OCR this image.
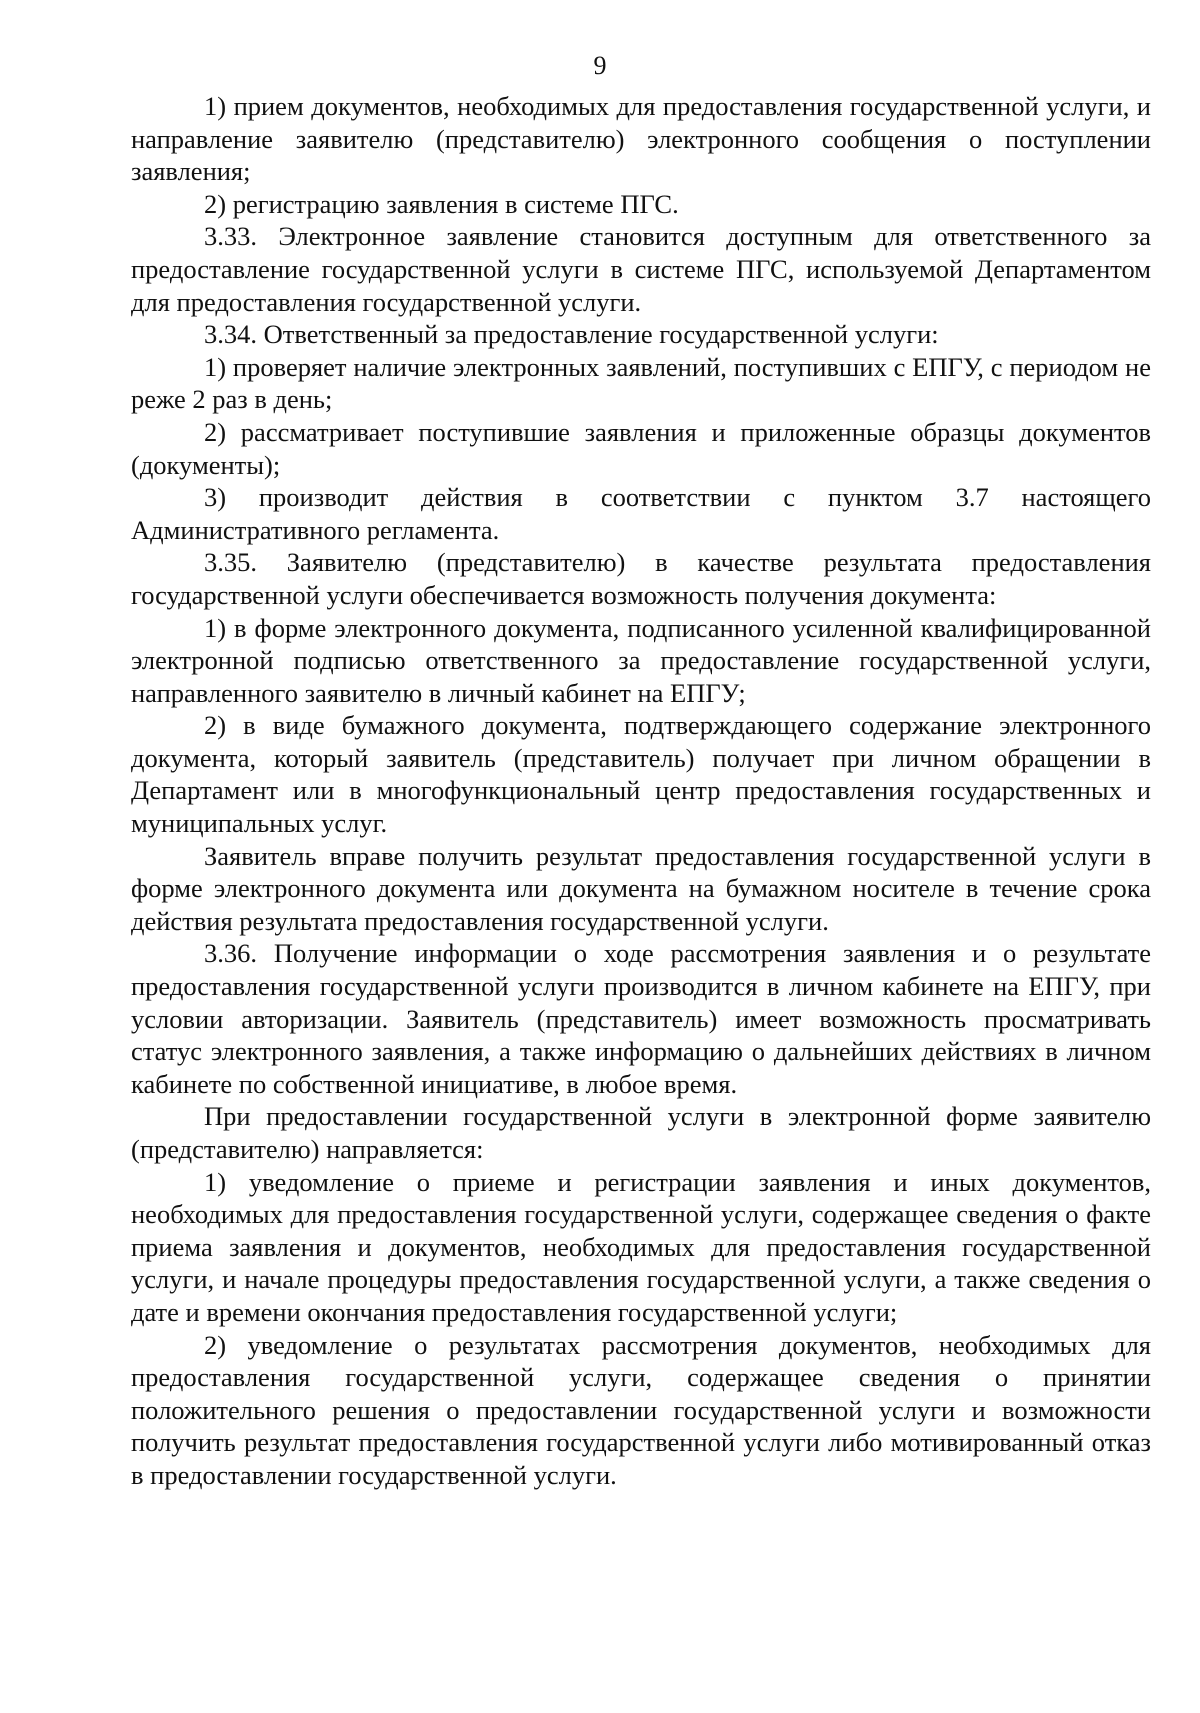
9

1) прием документов, необходимых для предоставления государственной услуги, и направление заявителю (представителю) электронного сообщения о поступлении заявления;

2) регистрацию заявления в системе ПГС.

3.33. Электронное заявление становится доступным для ответственного за предоставление государственной услуги в системе ПГС, используемой Департаментом для предоставления государственной услуги.

3.34. Ответственный за предоставление государственной услуги:

1) проверяет наличие электронных заявлений, поступивших с ЕПГУ, с периодом не реже 2 раз в день;

2) рассматривает поступившие заявления и приложенные образцы документов (документы);

3) производит действия в соответствии с пунктом 3.7 настоящего Административного регламента.

3.35. Заявителю (представителю) в качестве результата предоставления государственной услуги обеспечивается возможность получения документа:

1) в форме электронного документа, подписанного усиленной квалифицированной электронной подписью ответственного за предоставление государственной услуги, направленного заявителю в личный кабинет на ЕПГУ;

2) в виде бумажного документа, подтверждающего содержание электронного документа, который заявитель (представитель) получает при личном обращении в Департамент или в многофункциональный центр предоставления государственных и муниципальных услуг.

Заявитель вправе получить результат предоставления государственной услуги в форме электронного документа или документа на бумажном носителе в течение срока действия результата предоставления государственной услуги.

3.36. Получение информации о ходе рассмотрения заявления и о результате предоставления государственной услуги производится в личном кабинете на ЕПГУ, при условии авторизации. Заявитель (представитель) имеет возможность просматривать статус электронного заявления, а также информацию о дальнейших действиях в личном кабинете по собственной инициативе, в любое время.

При предоставлении государственной услуги в электронной форме заявителю (представителю) направляется:

1) уведомление о приеме и регистрации заявления и иных документов, необходимых для предоставления государственной услуги, содержащее сведения о факте приема заявления и документов, необходимых для предоставления государственной услуги, и начале процедуры предоставления государственной услуги, а также сведения о дате и времени окончания предоставления государственной услуги;

2) уведомление о результатах рассмотрения документов, необходимых для предоставления государственной услуги, содержащее сведения о принятии положительного решения о предоставлении государственной услуги и возможности получить результат предоставления государственной услуги либо мотивированный отказ в предоставлении государственной услуги.
